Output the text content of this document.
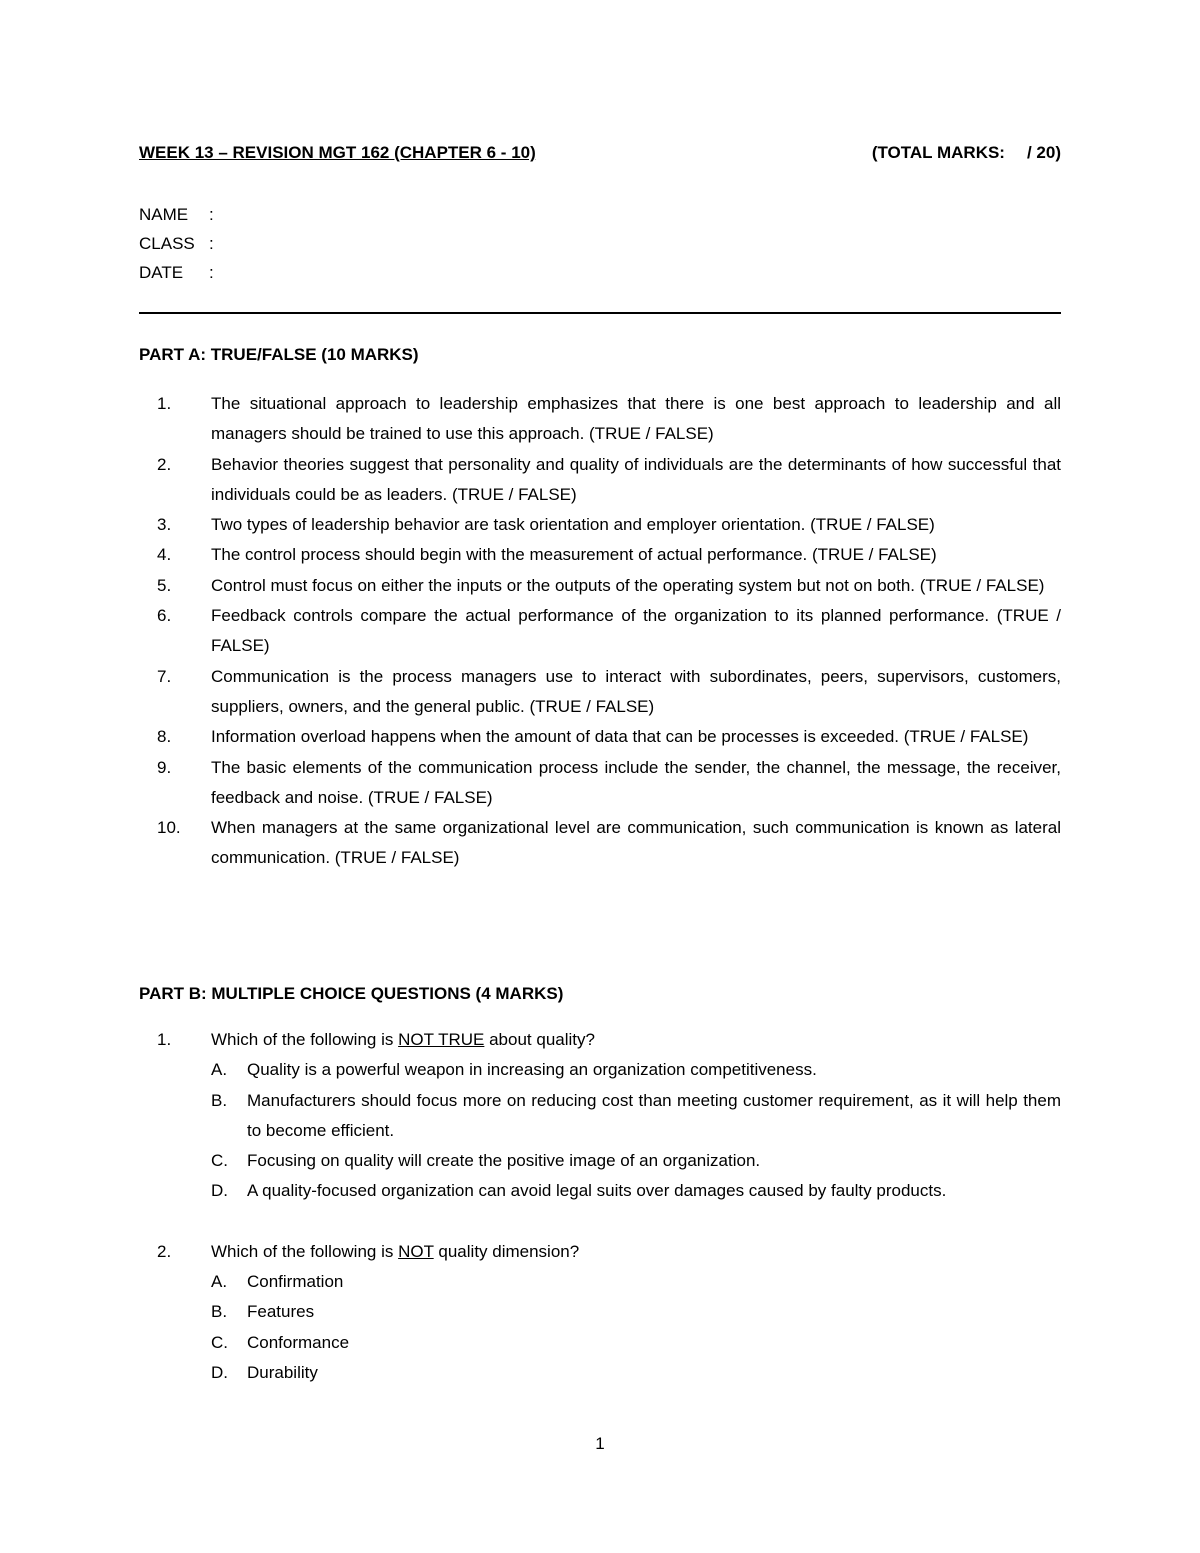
WEEK 13 – REVISION MGT 162 (CHAPTER 6 - 10)	(TOTAL MARKS: / 20)
NAME :
CLASS :
DATE :
PART A: TRUE/FALSE (10 MARKS)
1.	The situational approach to leadership emphasizes that there is one best approach to leadership and all managers should be trained to use this approach. (TRUE / FALSE)
2.	Behavior theories suggest that personality and quality of individuals are the determinants of how successful that individuals could be as leaders. (TRUE / FALSE)
3.	Two types of leadership behavior are task orientation and employer orientation. (TRUE / FALSE)
4.	The control process should begin with the measurement of actual performance. (TRUE / FALSE)
5.	Control must focus on either the inputs or the outputs of the operating system but not on both. (TRUE / FALSE)
6.	Feedback controls compare the actual performance of the organization to its planned performance. (TRUE / FALSE)
7.	Communication is the process managers use to interact with subordinates, peers, supervisors, customers, suppliers, owners, and the general public. (TRUE / FALSE)
8.	Information overload happens when the amount of data that can be processes is exceeded. (TRUE / FALSE)
9.	The basic elements of the communication process include the sender, the channel, the message, the receiver, feedback and noise. (TRUE / FALSE)
10.	When managers at the same organizational level are communication, such communication is known as lateral communication. (TRUE / FALSE)
PART B: MULTIPLE CHOICE QUESTIONS (4 MARKS)
1. Which of the following is NOT TRUE about quality?
A. Quality is a powerful weapon in increasing an organization competitiveness.
B. Manufacturers should focus more on reducing cost than meeting customer requirement, as it will help them to become efficient.
C. Focusing on quality will create the positive image of an organization.
D. A quality-focused organization can avoid legal suits over damages caused by faulty products.
2. Which of the following is NOT quality dimension?
A. Confirmation
B. Features
C. Conformance
D. Durability
1
